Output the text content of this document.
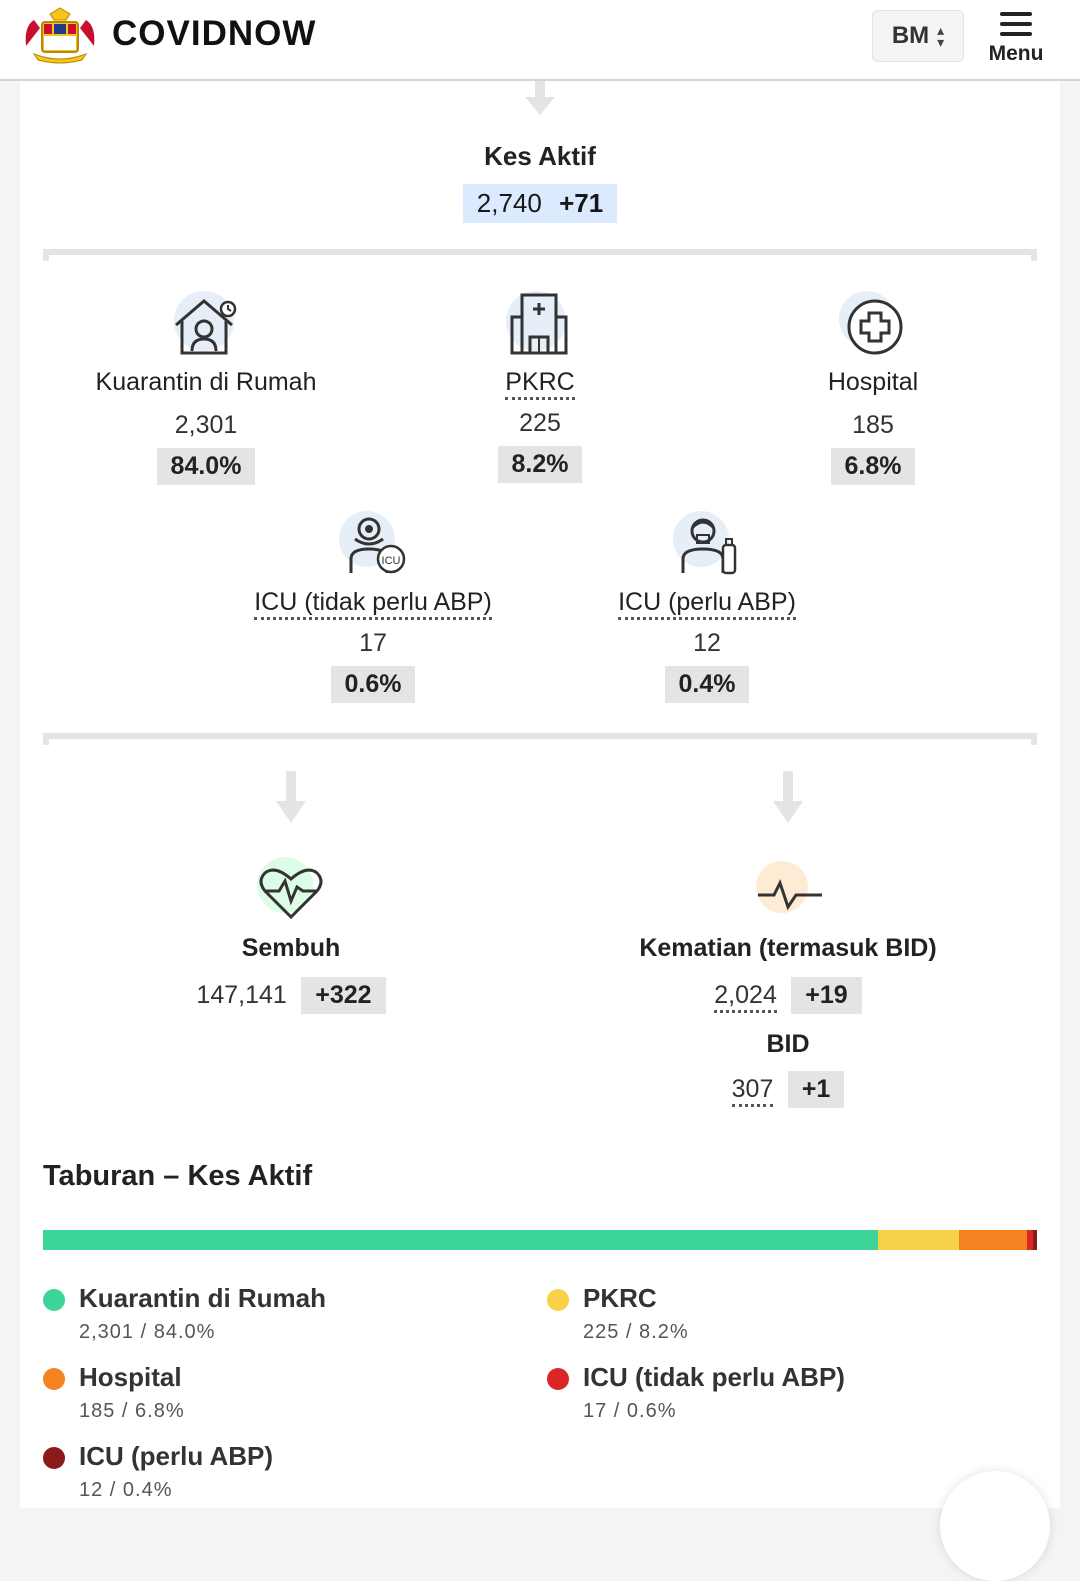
COVIDNOW	BM ▴
▾ Menu
Kes Aktif
2,740 +71
Kuarantin di Rumah
2,301
84.0%
PKRC
225
8.2%
Hospital
185
6.8%
ICU
ICU (tidak perlu ABP)
17
0.6%
ICU (perlu ABP)
12
0.4%
Sembuh
147,141 +322
Kematian (termasuk BID)
2,024 +19
BID
307 +1
Taburan – Kes Aktif
Kuarantin di Rumah
2,301 / 84.0%
PKRC
225 / 8.2%
Hospital
185 / 6.8%
ICU (tidak perlu ABP)
17 / 0.6%
ICU (perlu ABP)
12 / 0.4%
